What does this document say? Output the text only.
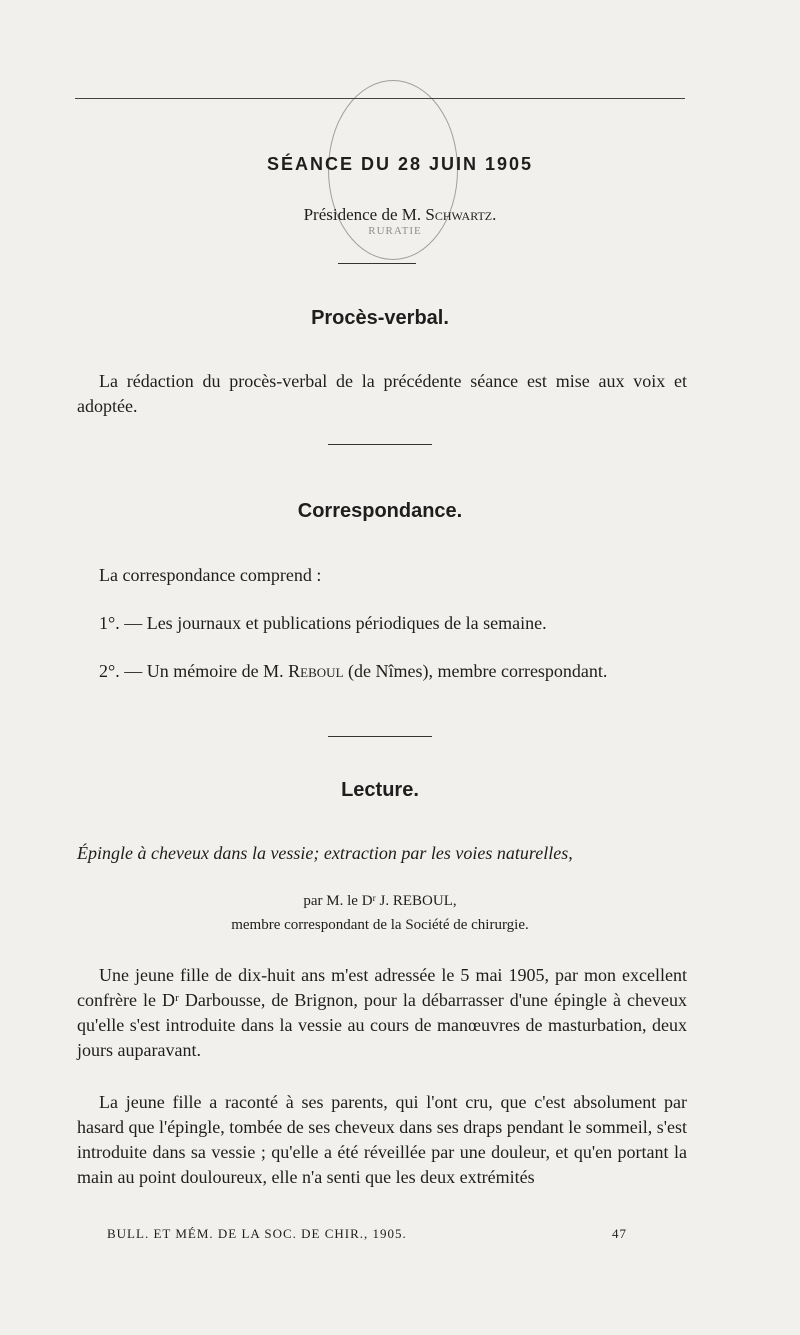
RURATIE
SÉANCE DU 28 JUIN 1905
Présidence de M. Schwartz.
Procès-verbal.
La rédaction du procès-verbal de la précédente séance est mise aux voix et adoptée.
Correspondance.
La correspondance comprend :
1°. — Les journaux et publications périodiques de la semaine.
2°. — Un mémoire de M. Reboul (de Nîmes), membre correspondant.
Lecture.
Épingle à cheveux dans la vessie; extraction par les voies naturelles,
par M. le Dʳ J. REBOUL,
membre correspondant de la Société de chirurgie.
Une jeune fille de dix-huit ans m'est adressée le 5 mai 1905, par mon excellent confrère le Dʳ Darbousse, de Brignon, pour la débarrasser d'une épingle à cheveux qu'elle s'est introduite dans la vessie au cours de manœuvres de masturbation, deux jours auparavant.
La jeune fille a raconté à ses parents, qui l'ont cru, que c'est absolument par hasard que l'épingle, tombée de ses cheveux dans ses draps pendant le sommeil, s'est introduite dans sa vessie ; qu'elle a été réveillée par une douleur, et qu'en portant la main au point douloureux, elle n'a senti que les deux extrémités
BULL. ET MÉM. DE LA SOC. DE CHIR., 1905.	47
